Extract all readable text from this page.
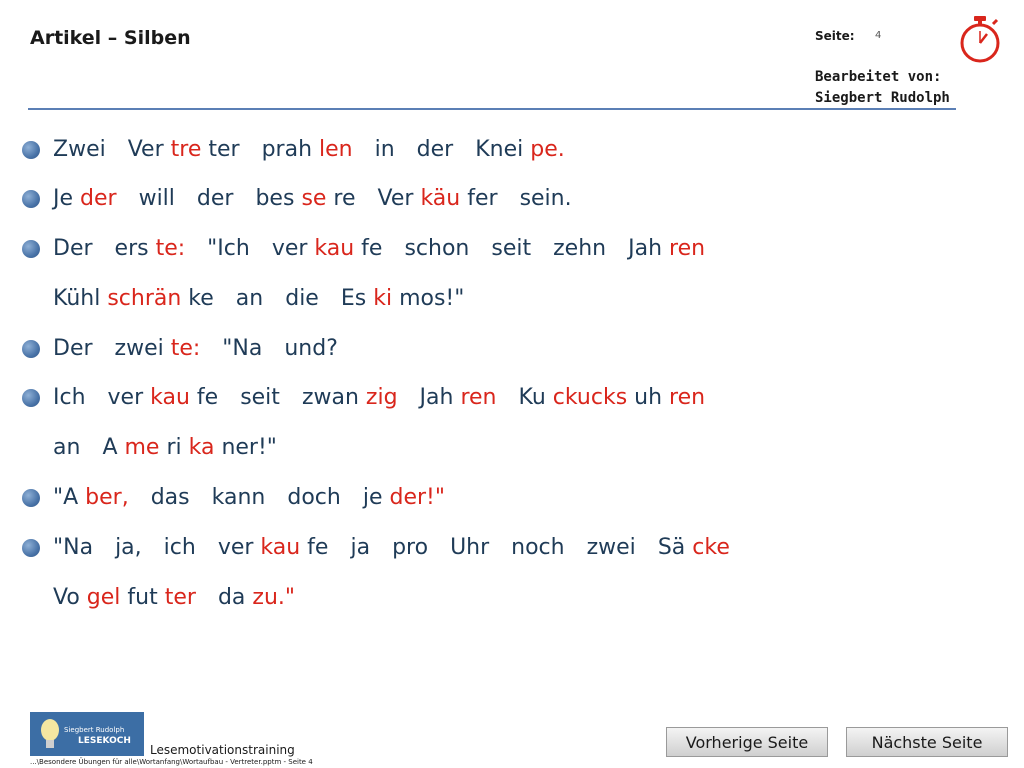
Artikel – Silben	Seite: 4
Bearbeitet von:
Siegbert Rudolph
Zwei Ver tre ter prah len in der Knei pe.
Je der will der bes se re Ver käu fer sein.
Der ers te: "Ich ver kau fe schon seit zehn Jah ren
Kühl schrän ke an die Es ki mos!"
Der zwei te: "Na und?
Ich ver kau fe seit zwan zig Jah ren Ku ckucks uh ren
an A me ri ka ner!"
"A ber, das kann doch je der!"
"Na ja, ich ver kau fe ja pro Uhr noch zwei Sä cke
Vo gel fut ter da zu."
Siegbert Rudolph
LESEKOCH
Lesemotivationstraining
...\Besondere Übungen für alle\Wortanfang\Wortaufbau - Vertreter.pptm - Seite 4
Vorherige Seite	Nächste Seite
